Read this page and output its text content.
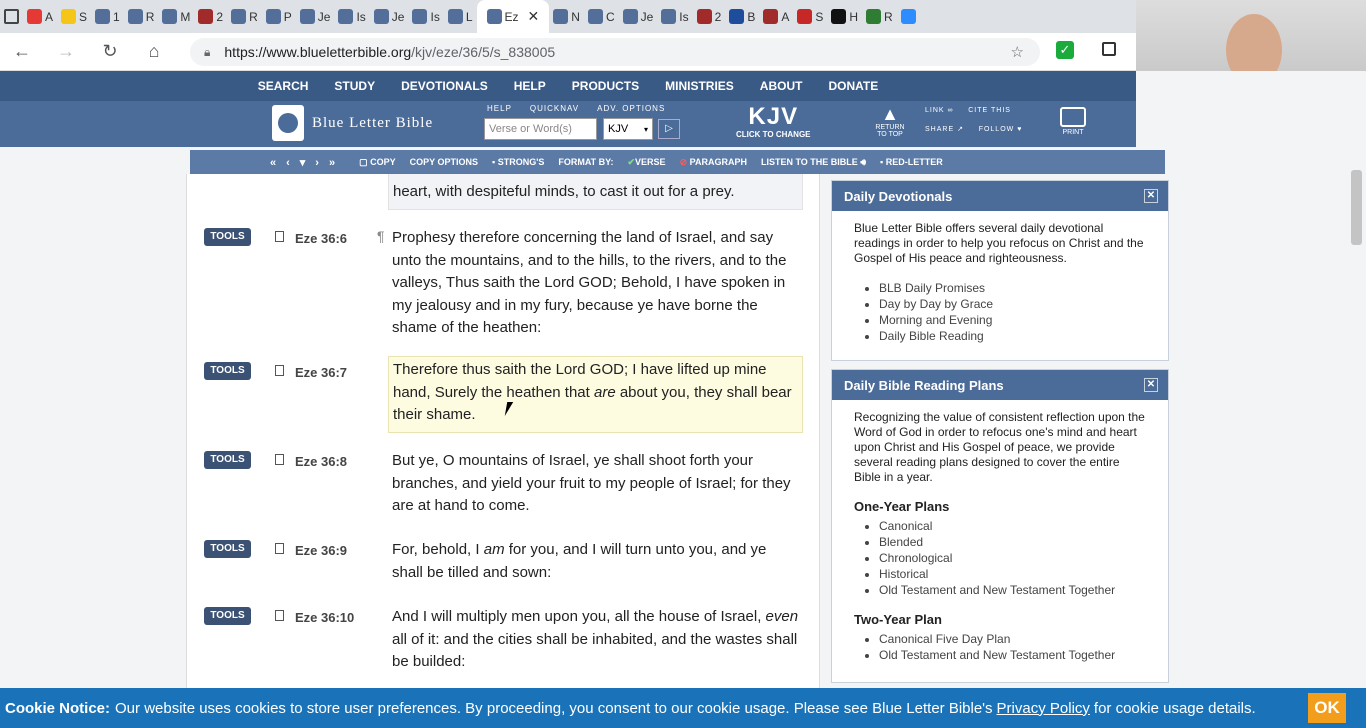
A S 1 R M 2 R P Je Is Je Is L	Ez ✕	N C Je Is 2 B A S H R
←	→	↻	⌂	🔒︎ https://www.blueletterbible.org /kjv/eze/36/5/s_838005	☆	✓
SEARCH STUDY DEVOTIONALS HELP PRODUCTS MINISTRIES ABOUT DONATE
Blue Letter Bible
HELP QUICKNAV ADV. OPTIONS
Verse or Word(s)	KJV ▾	▷	KJV
CLICK TO CHANGE
▲
RETURN TO TOP
LINK ∞ CITE THIS
SHARE ↗ FOLLOW ♥	PRINT
«‹▾›» ▢ COPY COPY OPTIONS ▪ STRONG'S FORMAT BY: ✔VERSE ⊘ PARAGRAPH LISTEN TO THE BIBLE 🔊︎ ▪ RED-LETTER
heart, with despiteful minds, to cast it out for a prey.
TOOLS	Eze 36:6 ¶ Prophesy therefore concerning the land of Israel, and say unto the mountains, and to the hills, to the rivers, and to the valleys, Thus saith the Lord GOD; Behold, I have spoken in my jealousy and in my fury, because ye have borne the shame of the heathen:
TOOLS	Eze 36:7	Therefore thus saith the Lord GOD; I have lifted up mine hand, Surely the heathen that are about you, they shall bear their shame.
TOOLS	Eze 36:8	But ye, O mountains of Israel, ye shall shoot forth your branches, and yield your fruit to my people of Israel; for they are at hand to come.
TOOLS	Eze 36:9	For, behold, I am for you, and I will turn unto you, and ye shall be tilled and sown:
TOOLS	Eze 36:10	And I will multiply men upon you, all the house of Israel, even all of it: and the cities shall be inhabited, and the wastes shall be builded:
Daily Devotionals	✕

Blue Letter Bible offers several daily devotional readings in order to help you refocus on Christ and the Gospel of His peace and righteousness.

• BLB Daily Promises
• Day by Day by Grace
• Morning and Evening
• Daily Bible Reading
Daily Bible Reading Plans	✕

Recognizing the value of consistent reflection upon the Word of God in order to refocus one's mind and heart upon Christ and His Gospel of peace, we provide several reading plans designed to cover the entire Bible in a year.

One-Year Plans
• Canonical
• Blended
• Chronological
• Historical
• Old Testament and New Testament Together
Two-Year Plan
• Canonical Five Day Plan
• Old Testament and New Testament Together
Cookie Notice: Our website uses cookies to store user preferences. By proceeding, you consent to our cookie usage. Please see Blue Letter Bible's Privacy Policy for cookie usage details.	OK
